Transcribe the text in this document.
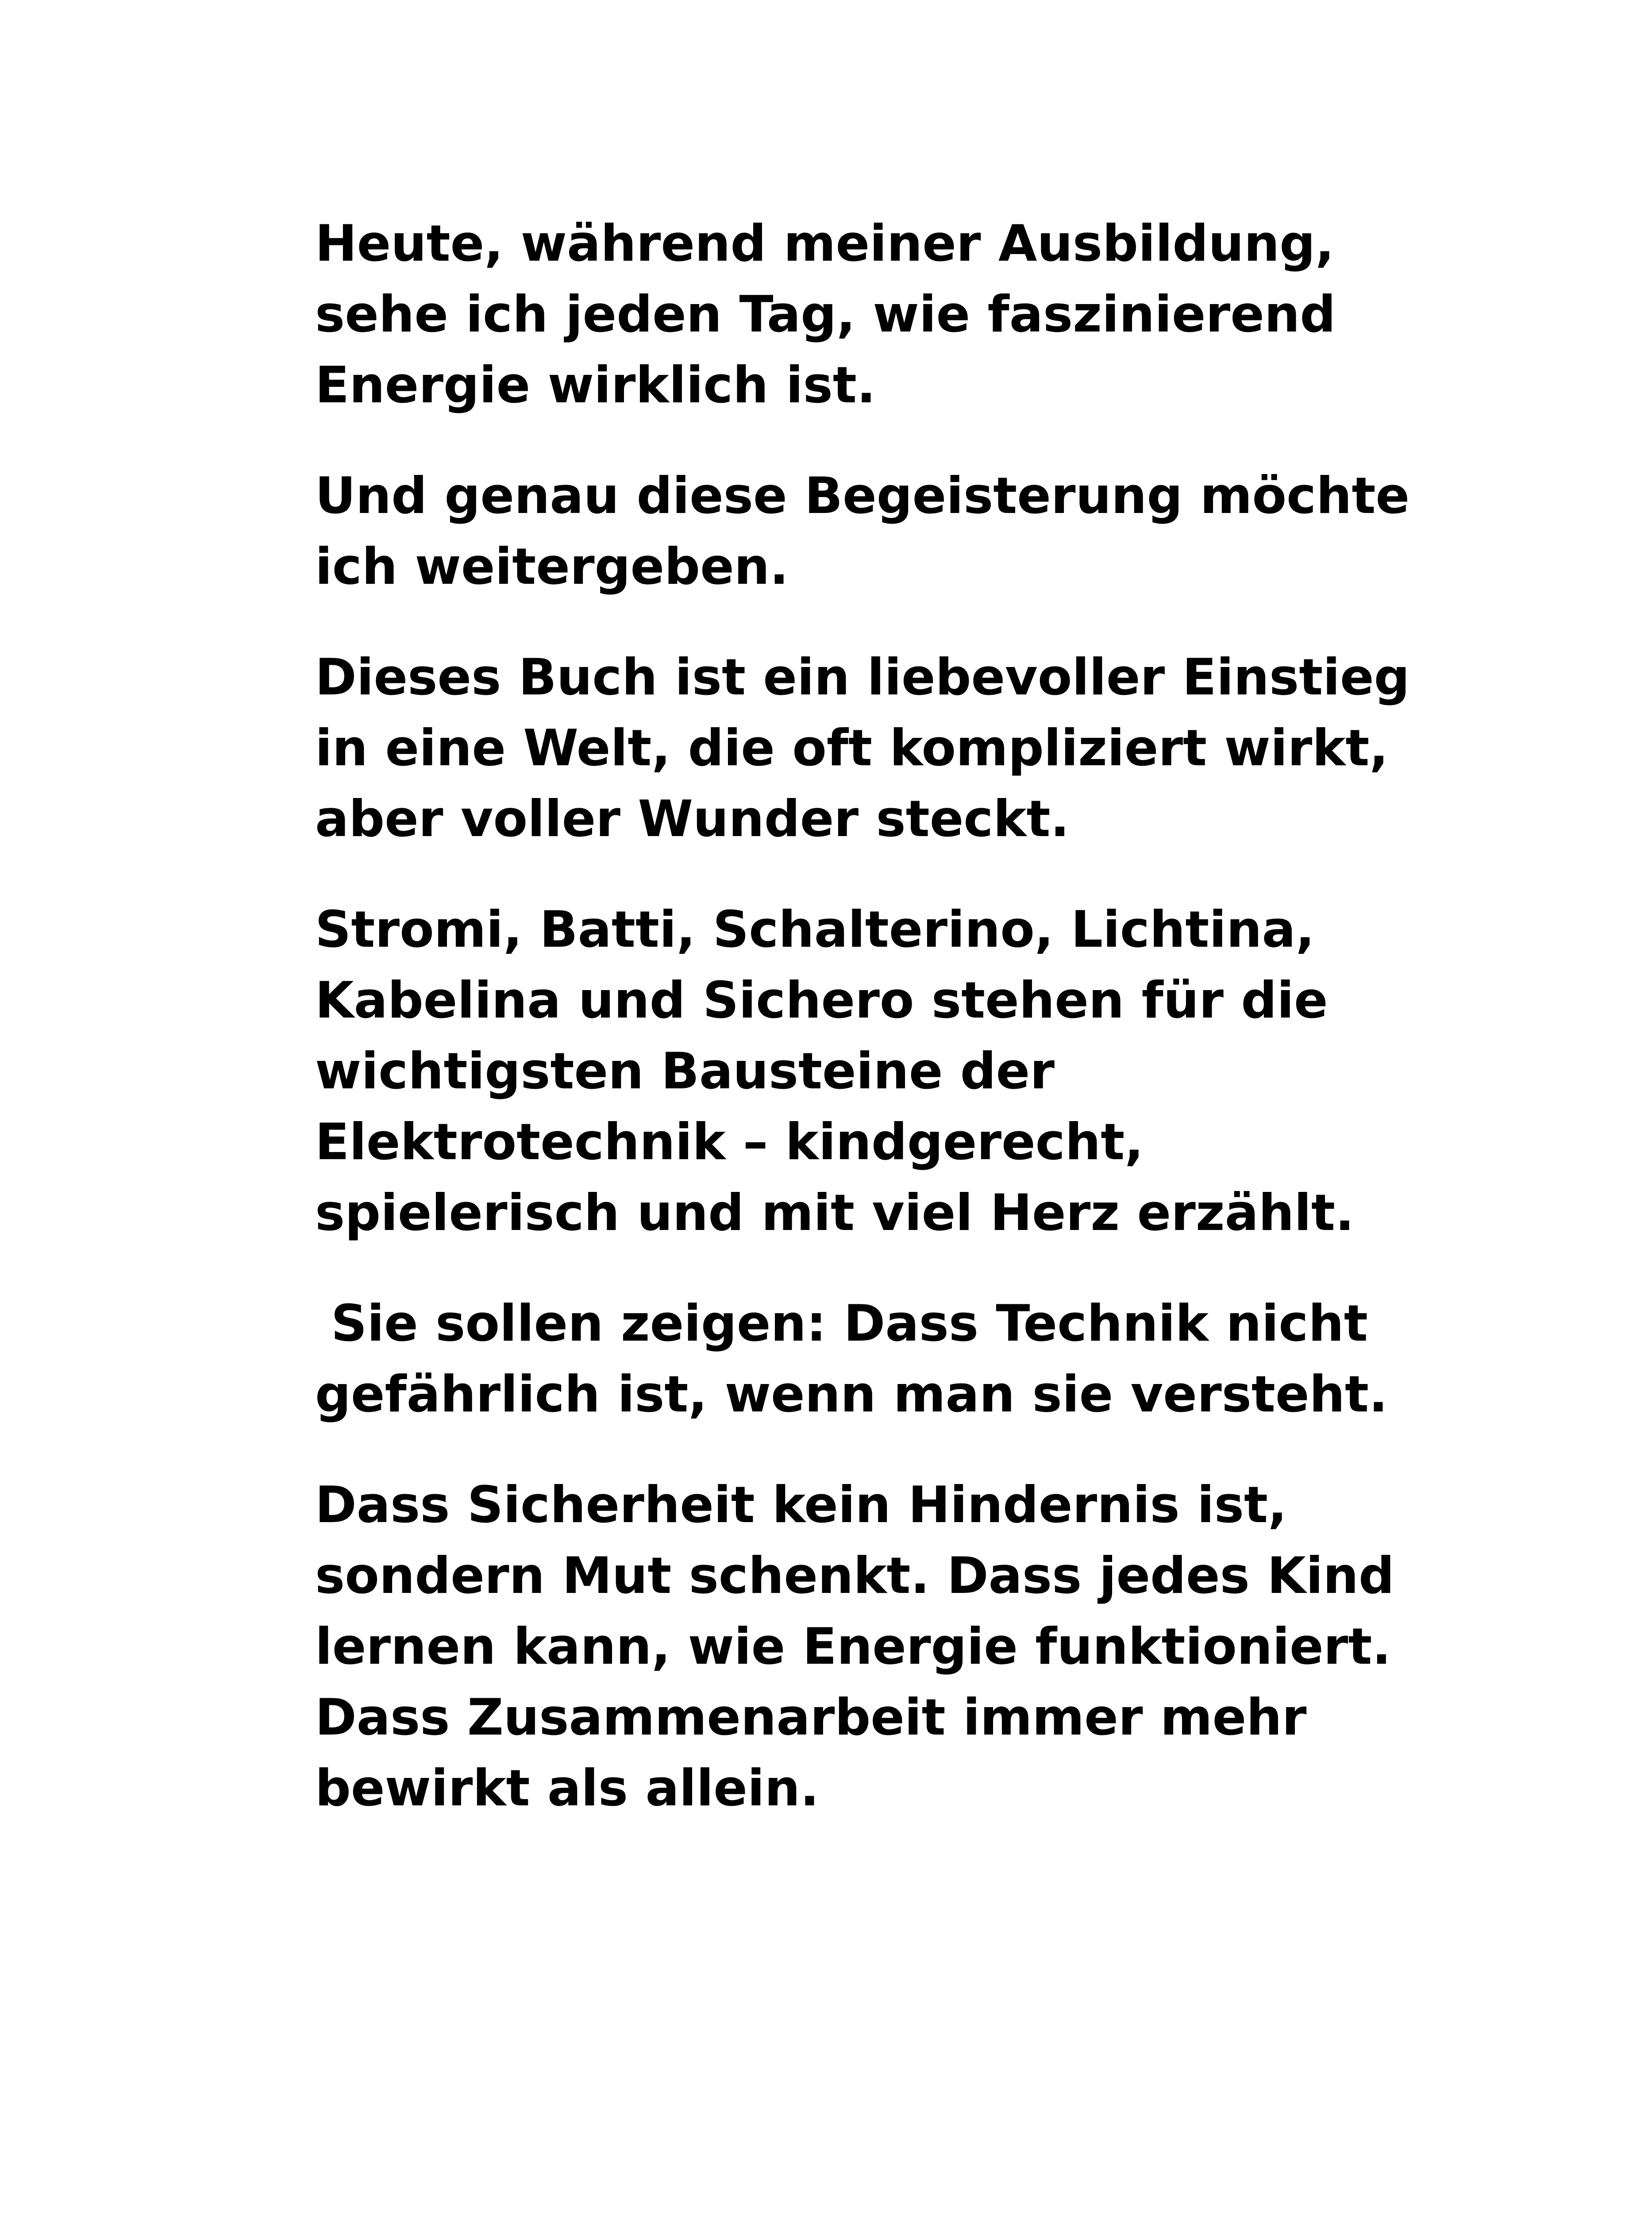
Heute, während meiner Ausbildung,
sehe ich jeden Tag, wie faszinierend
Energie wirklich ist.

Und genau diese Begeisterung möchte
ich weitergeben.

Dieses Buch ist ein liebevoller Einstieg
in eine Welt, die oft kompliziert wirkt,
aber voller Wunder steckt.

Stromi, Batti, Schalterino, Lichtina,
Kabelina und Sichero stehen für die
wichtigsten Bausteine der
Elektrotechnik – kindgerecht,
spielerisch und mit viel Herz erzählt.

Sie sollen zeigen: Dass Technik nicht
gefährlich ist, wenn man sie versteht.

Dass Sicherheit kein Hindernis ist,
sondern Mut schenkt. Dass jedes Kind
lernen kann, wie Energie funktioniert.
Dass Zusammenarbeit immer mehr
bewirkt als allein.
